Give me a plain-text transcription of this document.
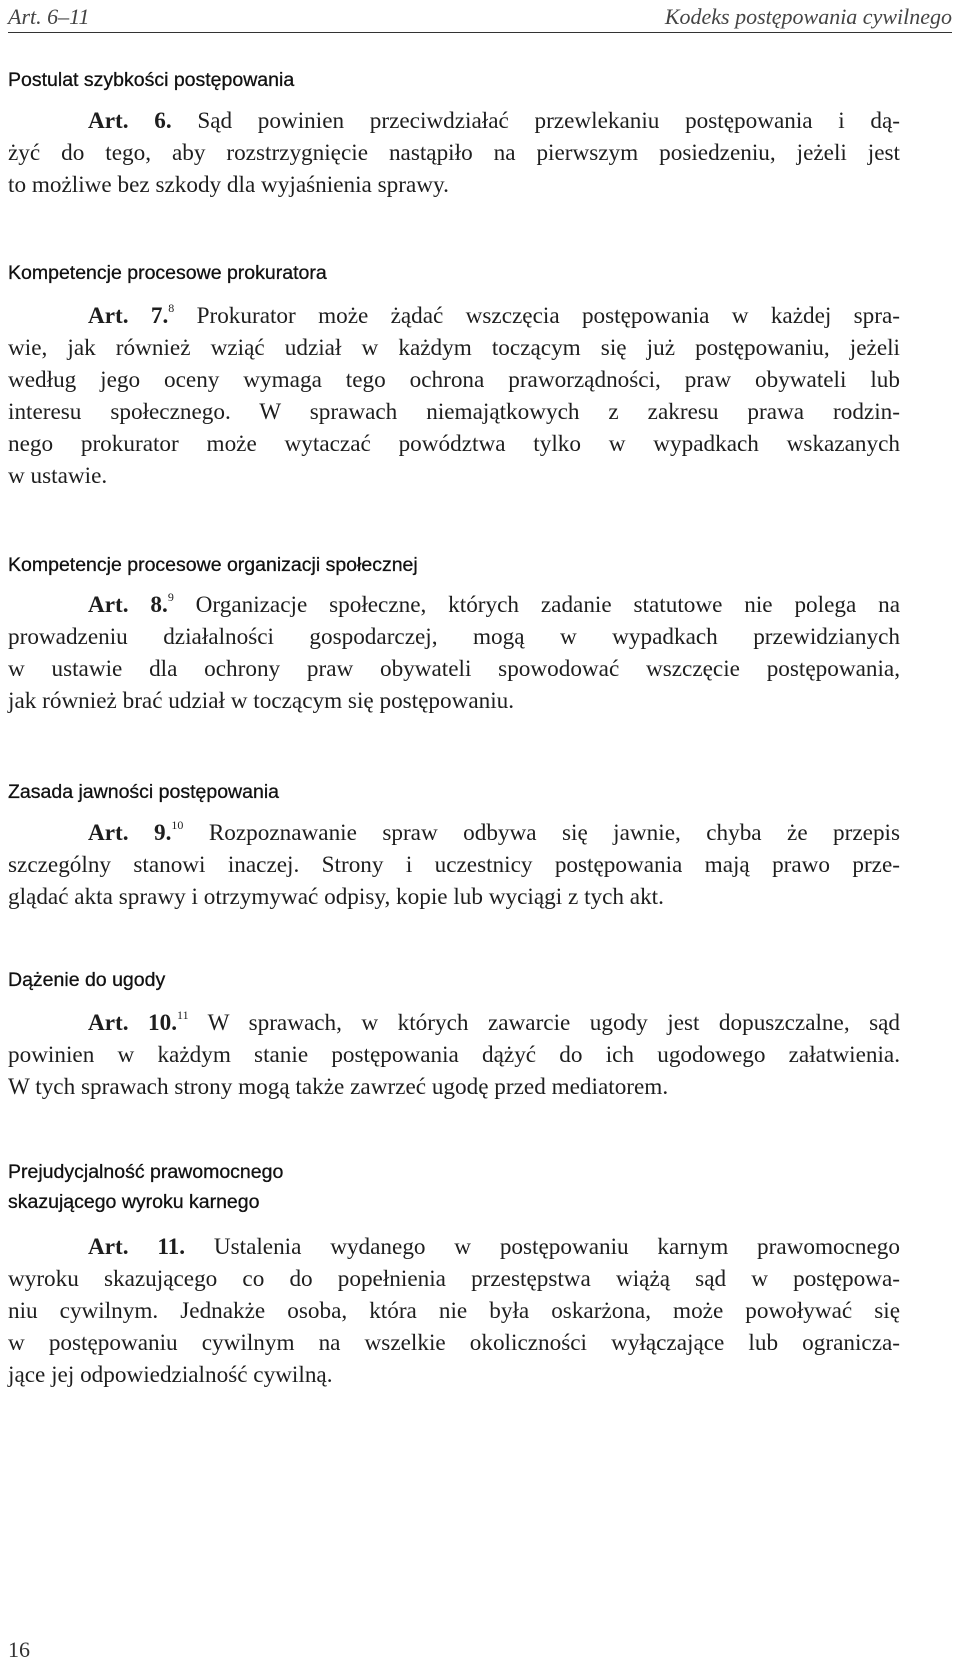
Art. 6–11	Kodeks postępowania cywilnego
Postulat szybkości postępowania
Art. 6. Sąd powinien przeciwdziałać przewlekaniu postępowania i dą-
żyć do tego, aby rozstrzygnięcie nastąpiło na pierwszym posiedzeniu, jeżeli jest
to możliwe bez szkody dla wyjaśnienia sprawy.
Kompetencje procesowe prokuratora
Art. 7.$^8$ Prokurator może żądać wszczęcia postępowania w każdej spra-
wie, jak również wziąć udział w każdym toczącym się już postępowaniu, jeżeli
według jego oceny wymaga tego ochrona praworządności, praw obywateli lub
interesu społecznego. W sprawach niemajątkowych z zakresu prawa rodzin-
nego prokurator może wytaczać powództwa tylko w wypadkach wskazanych
w ustawie.
Kompetencje procesowe organizacji społecznej
Art. 8.$^9$ Organizacje społeczne, których zadanie statutowe nie polega na
prowadzeniu działalności gospodarczej, mogą w wypadkach przewidzianych
w ustawie dla ochrony praw obywateli spowodować wszczęcie postępowania,
jak również brać udział w toczącym się postępowaniu.
Zasada jawności postępowania
Art. 9.10 Rozpoznawanie spraw odbywa się jawnie, chyba że przepis
szczególny stanowi inaczej. Strony i uczestnicy postępowania mają prawo prze-
glądać akta sprawy i otrzymywać odpisy, kopie lub wyciągi z tych akt.
Dążenie do ugody
Art. 10.11 W sprawach, w których zawarcie ugody jest dopuszczalne, sąd
powinien w każdym stanie postępowania dążyć do ich ugodowego załatwienia.
W tych sprawach strony mogą także zawrzeć ugodę przed mediatorem.
Prejudycjalność prawomocnego
skazującego wyroku karnego
Art. 11. Ustalenia wydanego w postępowaniu karnym prawomocnego
wyroku skazującego co do popełnienia przestępstwa wiążą sąd w postępowa-
niu cywilnym. Jednakże osoba, która nie była oskarżona, może powoływać się
w postępowaniu cywilnym na wszelkie okoliczności wyłączające lub ogranicza-
jące jej odpowiedzialność cywilną.
16
